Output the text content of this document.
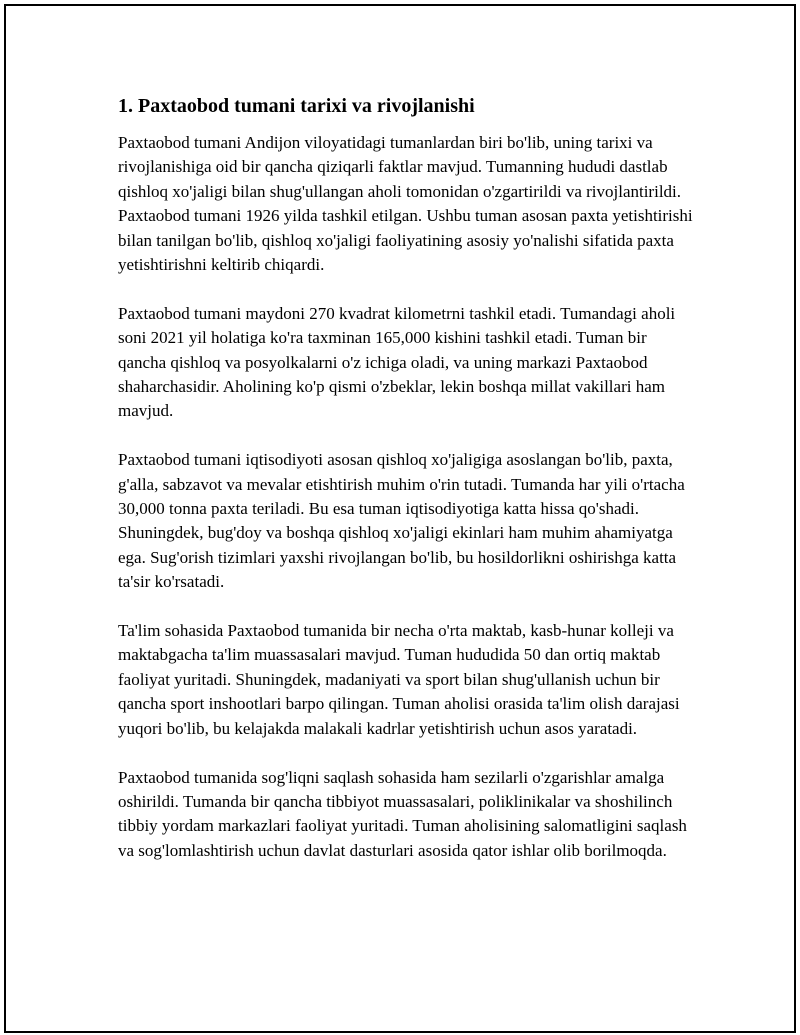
1. Paxtaobod tumani tarixi va rivojlanishi

Paxtaobod tumani Andijon viloyatidagi tumanlardan biri bo'lib, uning tarixi va rivojlanishiga oid bir qancha qiziqarli faktlar mavjud. Tumanning hududi dastlab qishloq xo'jaligi bilan shug'ullangan aholi tomonidan o'zgartirildi va rivojlantirildi. Paxtaobod tumani 1926 yilda tashkil etilgan. Ushbu tuman asosan paxta yetishtirishi bilan tanilgan bo'lib, qishloq xo'jaligi faoliyatining asosiy yo'nalishi sifatida paxta yetishtirishni keltirib chiqardi.

Paxtaobod tumani maydoni 270 kvadrat kilometrni tashkil etadi. Tumandagi aholi soni 2021 yil holatiga ko'ra taxminan 165,000 kishini tashkil etadi. Tuman bir qancha qishloq va posyolkalarni o'z ichiga oladi, va uning markazi Paxtaobod shaharchasidir. Aholining ko'p qismi o'zbeklar, lekin boshqa millat vakillari ham mavjud.

Paxtaobod tumani iqtisodiyoti asosan qishloq xo'jaligiga asoslangan bo'lib, paxta, g'alla, sabzavot va mevalar etishtirish muhim o'rin tutadi. Tumanda har yili o'rtacha 30,000 tonna paxta teriladi. Bu esa tuman iqtisodiyotiga katta hissa qo'shadi. Shuningdek, bug'doy va boshqa qishloq xo'jaligi ekinlari ham muhim ahamiyatga ega. Sug'orish tizimlari yaxshi rivojlangan bo'lib, bu hosildorlikni oshirishga katta ta'sir ko'rsatadi.

Ta'lim sohasida Paxtaobod tumanida bir necha o'rta maktab, kasb-hunar kolleji va maktabgacha ta'lim muassasalari mavjud. Tuman hududida 50 dan ortiq maktab faoliyat yuritadi. Shuningdek, madaniyati va sport bilan shug'ullanish uchun bir qancha sport inshootlari barpo qilingan. Tuman aholisi orasida ta'lim olish darajasi yuqori bo'lib, bu kelajakda malakali kadrlar yetishtirish uchun asos yaratadi.

Paxtaobod tumanida sog'liqni saqlash sohasida ham sezilarli o'zgarishlar amalga oshirildi. Tumanda bir qancha tibbiyot muassasalari, poliklinikalar va shoshilinch tibbiy yordam markazlari faoliyat yuritadi. Tuman aholisining salomatligini saqlash va sog'lomlashtirish uchun davlat dasturlari asosida qator ishlar olib borilmoqda.
